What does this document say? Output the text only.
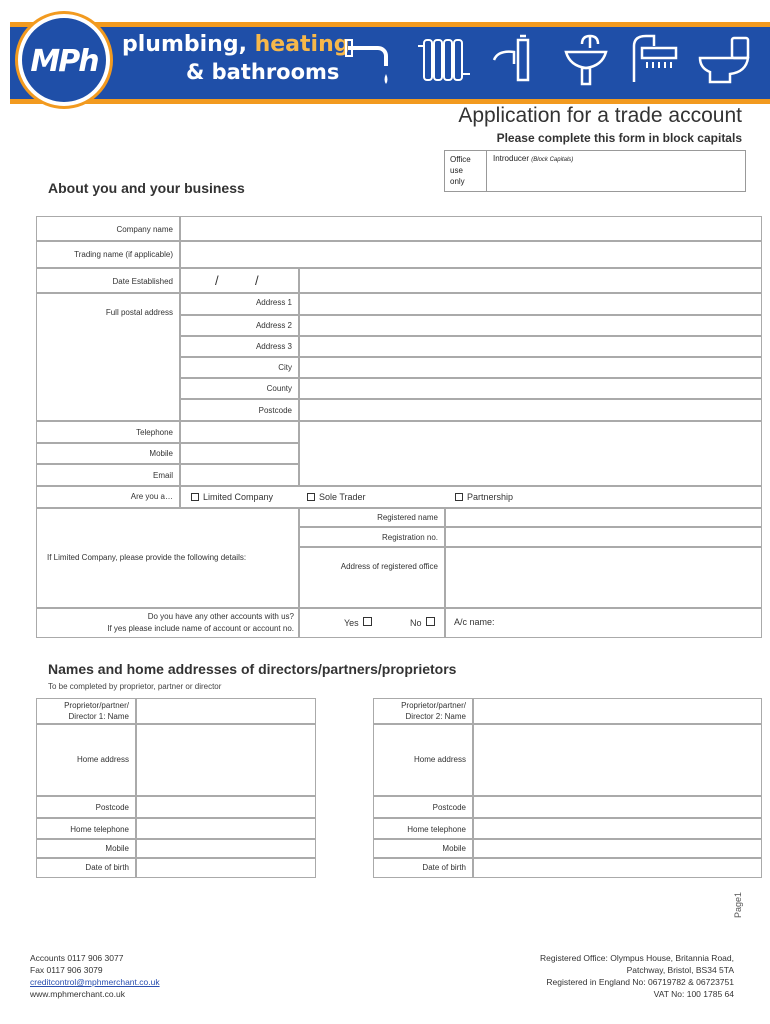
MPh	plumbing, heating
& bathrooms
Application for a trade account
Please complete this form in block capitals
Office
use
only
Introducer (Block Capitals)
About you and your business
Company name
Trading name (if applicable)
Date Established	/	/
Full postal address
Address 1
Address 2
Address 3
City
County
Postcode
Telephone
Mobile
Email
Are you a…	Limited Company	Sole Trader	Partnership
If Limited Company, please provide the following details:
Registered name
Registration no.
Address of registered office
Do you have any other accounts with us?
If yes please include name of account or account no.
Yes	No	A/c name:
Names and home addresses of directors/partners/proprietors
To be completed by proprietor, partner or director
Proprietor/partner/
Director 1: Name
Home address
Postcode
Home telephone
Mobile
Date of birth
Proprietor/partner/
Director 2: Name
Home address
Postcode
Home telephone
Mobile
Date of birth
Page1
Accounts 0117 906 3077
Fax 0117 906 3079
creditcontrol@mphmerchant.co.uk
www.mphmerchant.co.uk
Registered Office: Olympus House, Britannia Road,
Patchway, Bristol, BS34 5TA
Registered in England No: 06719782 & 06723751
VAT No: 100 1785 64
